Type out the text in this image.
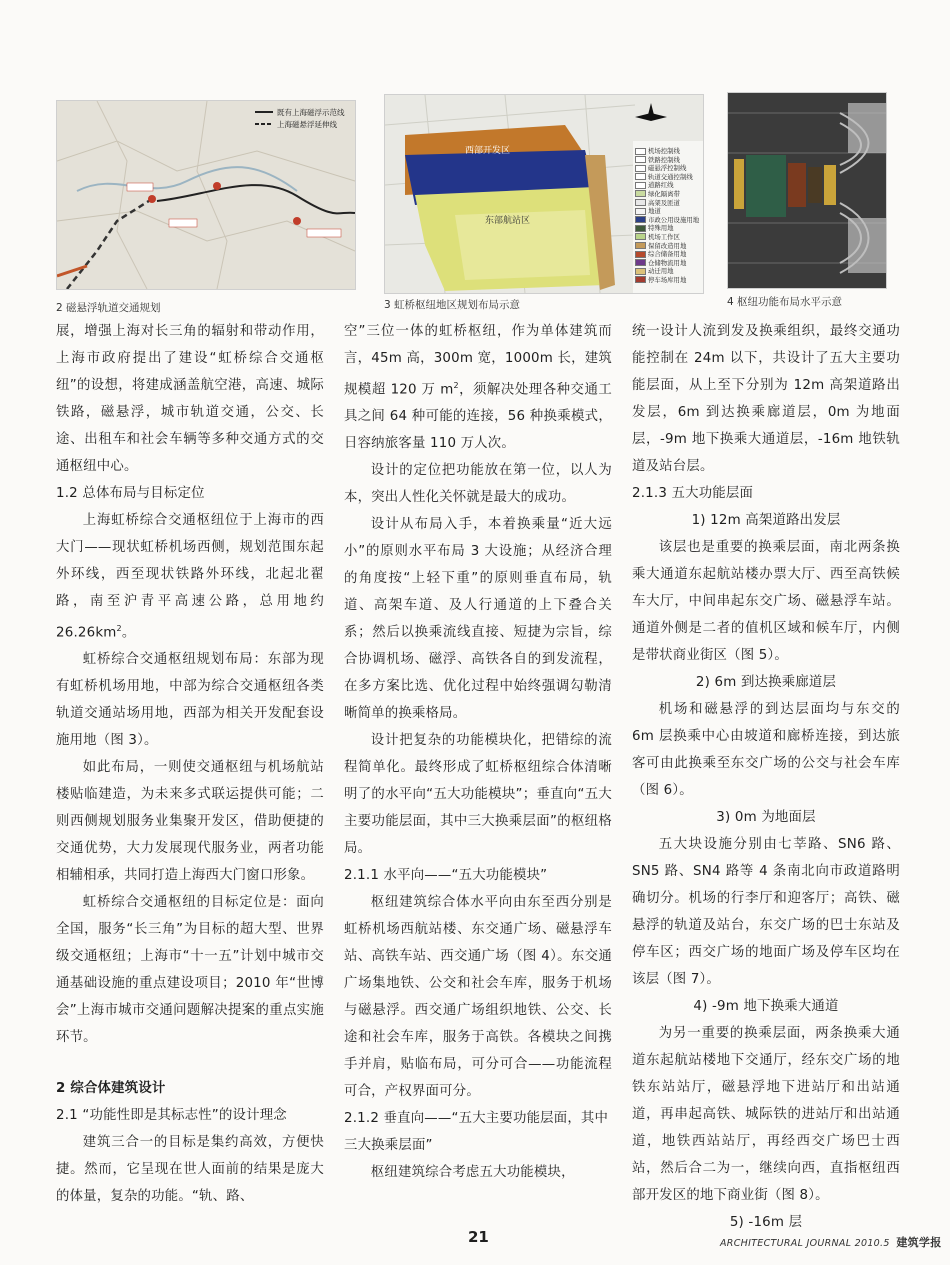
既有上海磁浮示范线
上海磁悬浮延伸线
2 磁悬浮轨道交通规划
西部开发区
东部航站区
机场控制线
铁路控制线
磁悬浮控制线
轨道交通控制线
道路红线
绿化隔离带
高架及匝道
地道
市政公用设施用地
特殊用地
机场工作区
保留改造用地
综合储备用地
仓储物流用地
动迁用地
停车场库用地
3 虹桥枢纽地区规划布局示意	4 枢纽功能布局水平示意

展，增强上海对长三角的辐射和带动作用，上海市政府提出了建设“虹桥综合交通枢纽”的设想，将建成涵盖航空港，高速、城际铁路，磁悬浮，城市轨道交通，公交、长途、出租车和社会车辆等多种交通方式的交通枢纽中心。

1.2 总体布局与目标定位

上海虹桥综合交通枢纽位于上海市的西大门——现状虹桥机场西侧，规划范围东起外环线，西至现状铁路外环线，北起北翟路，南至沪青平高速公路，总用地约 $26.26km^2$。

虹桥综合交通枢纽规划布局：东部为现有虹桥机场用地，中部为综合交通枢纽各类轨道交通站场用地，西部为相关开发配套设施用地（图 3）。

如此布局，一则使交通枢纽与机场航站楼贴临建造，为未来多式联运提供可能；二则西侧规划服务业集聚开发区，借助便捷的交通优势，大力发展现代服务业，两者功能相辅相承，共同打造上海西大门窗口形象。

虹桥综合交通枢纽的目标定位是：面向全国，服务“长三角”为目标的超大型、世界级交通枢纽；上海市“十一五”计划中城市交通基础设施的重点建设项目；2010 年“世博会”上海市城市交通问题解决提案的重点实施环节。

2 综合体建筑设计
2.1 “功能性即是其标志性”的设计理念

建筑三合一的目标是集约高效，方便快捷。然而，它呈现在世人面前的结果是庞大的体量，复杂的功能。“轨、路、

空”三位一体的虹桥枢纽，作为单体建筑而言，45m 高，300m 宽，1000m 长，建筑规模超 120 万 $m^2$，须解决处理各种交通工具之间 64 种可能的连接，56 种换乘模式，日容纳旅客量 110 万人次。

设计的定位把功能放在第一位，以人为本，突出人性化关怀就是最大的成功。

设计从布局入手，本着换乘量“近大远小”的原则水平布局 3 大设施；从经济合理的角度按“上轻下重”的原则垂直布局，轨道、高架车道、及人行通道的上下叠合关系；然后以换乘流线直接、短捷为宗旨，综合协调机场、磁浮、高铁各自的到发流程，在多方案比选、优化过程中始终强调勾勒清晰简单的换乘格局。

设计把复杂的功能模块化，把错综的流程简单化。最终形成了虹桥枢纽综合体清晰明了的水平向“五大功能模块”；垂直向“五大主要功能层面，其中三大换乘层面”的枢纽格局。

2.1.1 水平向——“五大功能模块”

枢纽建筑综合体水平向由东至西分别是虹桥机场西航站楼、东交通广场、磁悬浮车站、高铁车站、西交通广场（图 4）。东交通广场集地铁、公交和社会车库，服务于机场与磁悬浮。西交通广场组织地铁、公交、长途和社会车库，服务于高铁。各模块之间携手并肩，贴临布局，可分可合——功能流程可合，产权界面可分。

2.1.2 垂直向——“五大主要功能层面，其中三大换乘层面”

枢纽建筑综合考虑五大功能模块，

统一设计人流到发及换乘组织，最终交通功能控制在 24m 以下，共设计了五大主要功能层面，从上至下分别为 12m 高架道路出发层，6m 到达换乘廊道层，0m 为地面层，-9m 地下换乘大通道层，-16m 地铁轨道及站台层。

2.1.3 五大功能层面

1) 12m 高架道路出发层

该层也是重要的换乘层面，南北两条换乘大通道东起航站楼办票大厅、西至高铁候车大厅，中间串起东交广场、磁悬浮车站。通道外侧是二者的值机区域和候车厅，内侧是带状商业街区（图 5）。

2) 6m 到达换乘廊道层

机场和磁悬浮的到达层面均与东交的 6m 层换乘中心由坡道和廊桥连接，到达旅客可由此换乘至东交广场的公交与社会车库（图 6）。

3) 0m 为地面层

五大块设施分别由七莘路、SN6 路、SN5 路、SN4 路等 4 条南北向市政道路明确切分。机场的行李厅和迎客厅；高铁、磁悬浮的轨道及站台，东交广场的巴士东站及停车区；西交广场的地面广场及停车区均在该层（图 7）。

4) -9m 地下换乘大通道

为另一重要的换乘层面，两条换乘大通道东起航站楼地下交通厅，经东交广场的地铁东站站厅，磁悬浮地下进站厅和出站通道，再串起高铁、城际铁的进站厅和出站通道，地铁西站站厅，再经西交广场巴士西站，然后合二为一，继续向西，直指枢纽西部开发区的地下商业街（图 8）。

5) -16m 层

21	ARCHITECTURAL JOURNAL 2010.5 建筑学报
